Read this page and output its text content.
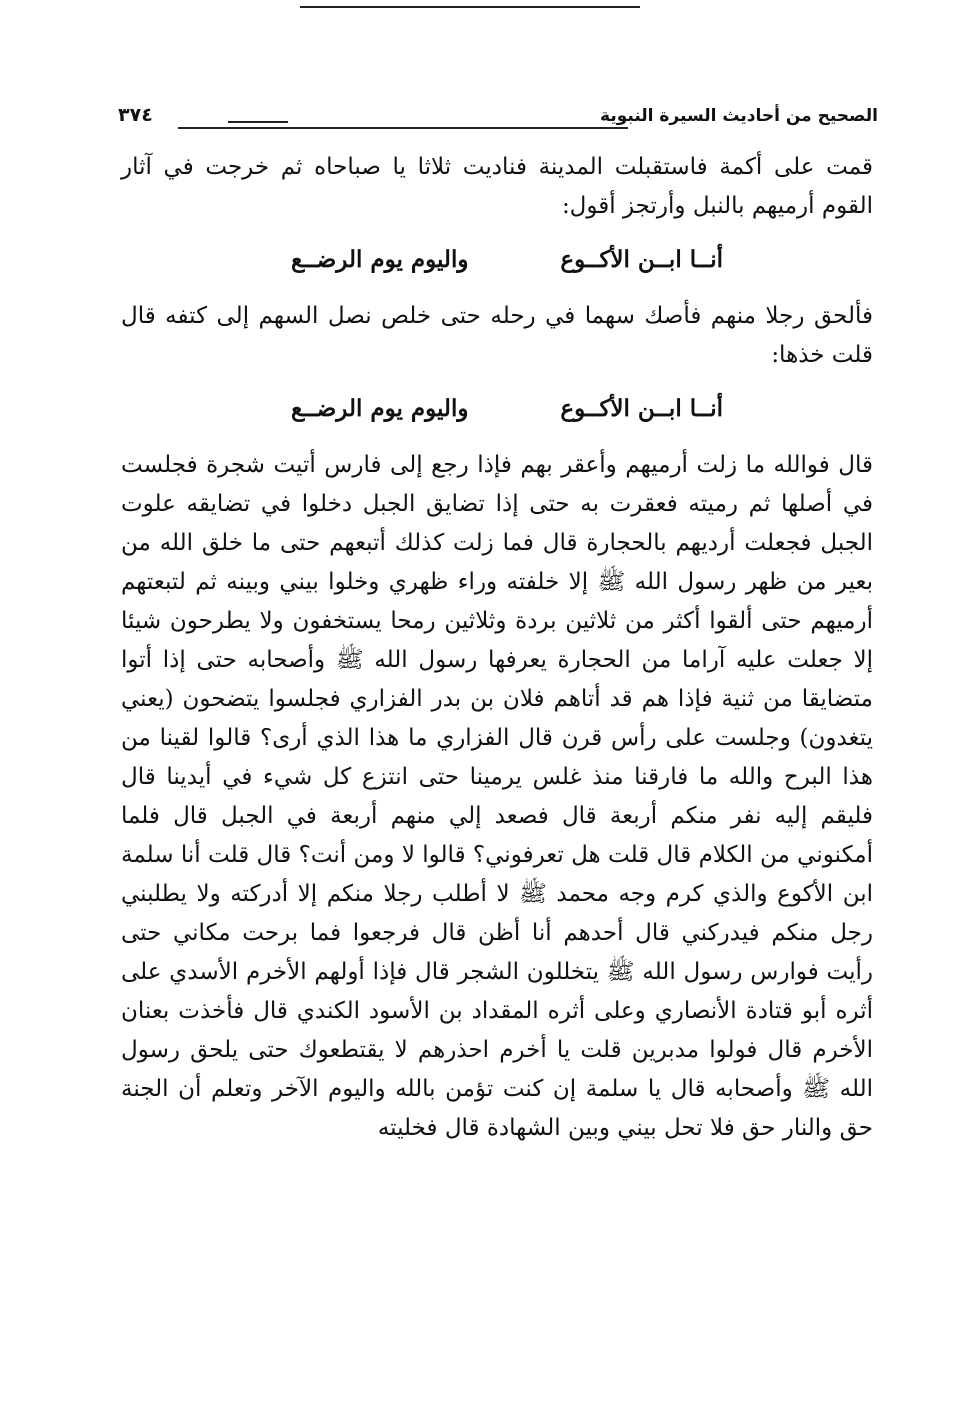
الصحيح من أحاديث السيرة النبوية
٣٧٤

قمت على أكمة فاستقبلت المدينة فناديت ثلاثا يا صباحاه ثم خرجت في آثار القوم أرميهم بالنبل وأرتجز أقول:

أنــا ابــن الأكــوع
واليوم يوم الرضــع

فألحق رجلا منهم فأصك سهما في رحله حتى خلص نصل السهم إلى كتفه قال قلت خذها:

أنــا ابــن الأكــوع
واليوم يوم الرضــع

قال فوالله ما زلت أرميهم وأعقر بهم فإذا رجع إلى فارس أتيت شجرة فجلست في أصلها ثم رميته فعقرت به حتى إذا تضايق الجبل دخلوا في تضايقه علوت الجبل فجعلت أرديهم بالحجارة قال فما زلت كذلك أتبعهم حتى ما خلق الله من بعير من ظهر رسول الله ﷺ إلا خلفته وراء ظهري وخلوا بيني وبينه ثم لتبعتهم أرميهم حتى ألقوا أكثر من ثلاثين بردة وثلاثين رمحا يستخفون ولا يطرحون شيئا إلا جعلت عليه آراما من الحجارة يعرفها رسول الله ﷺ وأصحابه حتى إذا أتوا متضايقا من ثنية فإذا هم قد أتاهم فلان بن بدر الفزاري فجلسوا يتضحون (يعني يتغدون) وجلست على رأس قرن قال الفزاري ما هذا الذي أرى؟ قالوا لقينا من هذا البرح والله ما فارقنا منذ غلس يرمينا حتى انتزع كل شيء في أيدينا قال فليقم إليه نفر منكم أربعة قال فصعد إلي منهم أربعة في الجبل قال فلما أمكنوني من الكلام قال قلت هل تعرفوني؟ قالوا لا ومن أنت؟ قال قلت أنا سلمة ابن الأكوع والذي كرم وجه محمد ﷺ لا أطلب رجلا منكم إلا أدركته ولا يطلبني رجل منكم فيدركني قال أحدهم أنا أظن قال فرجعوا فما برحت مكاني حتى رأيت فوارس رسول الله ﷺ يتخللون الشجر قال فإذا أولهم الأخرم الأسدي على أثره أبو قتادة الأنصاري وعلى أثره المقداد بن الأسود الكندي قال فأخذت بعنان الأخرم قال فولوا مدبرين قلت يا أخرم احذرهم لا يقتطعوك حتى يلحق رسول الله ﷺ وأصحابه قال يا سلمة إن كنت تؤمن بالله واليوم الآخر وتعلم أن الجنة حق والنار حق فلا تحل بيني وبين الشهادة قال فخليته
